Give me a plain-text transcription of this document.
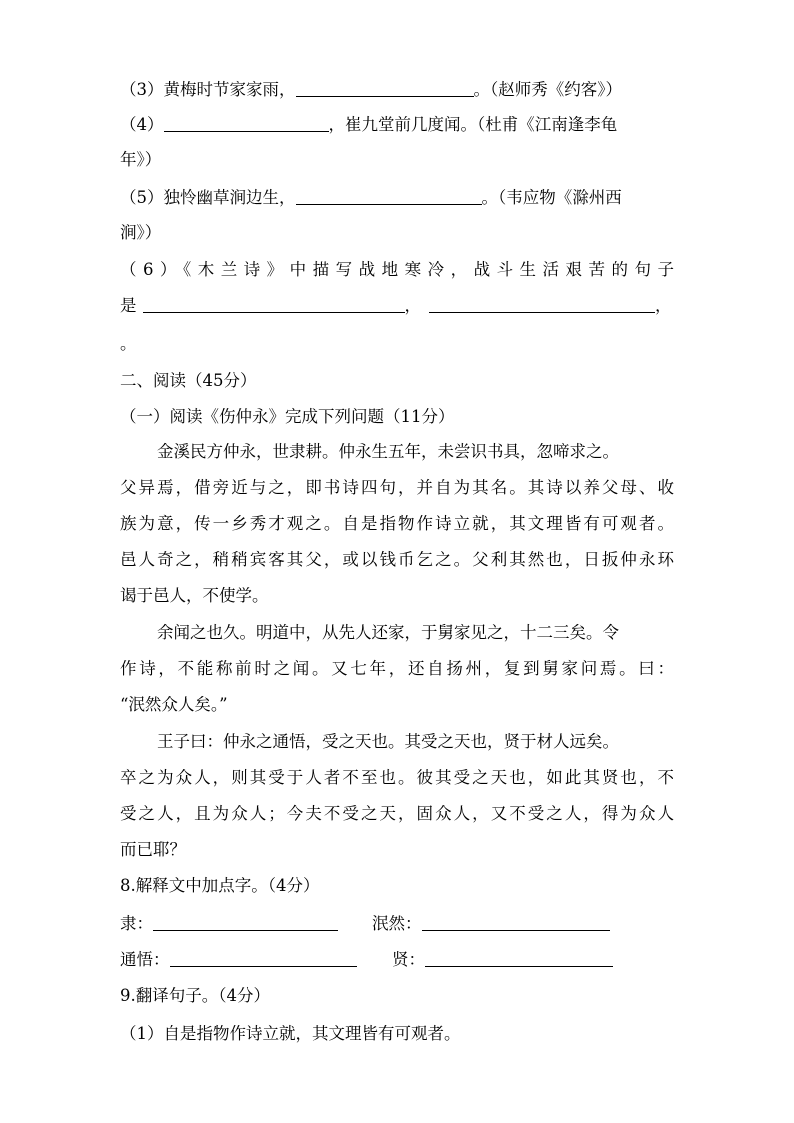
（3）黄梅时节家家雨，	。（赵师秀《约客》）
（4）	，崔九堂前几度闻。（杜甫《江南逢李龟
年》）
（5）独怜幽草涧边生，	。（韦应物《滁州西
涧》）
（6）《木兰诗》中描写战地寒冷，战斗生活艰苦的句子
是	，	，
。
二、阅读（45分）
（一）阅读《伤仲永》完成下列问题（11分）
金溪民方仲永，世隶耕。仲永生五年，未尝识书具，忽啼求之。
父异焉，借旁近与之，即书诗四句，并自为其名。其诗以养父母、收
族为意，传一乡秀才观之。自是指物作诗立就，其文理皆有可观者。
邑人奇之，稍稍宾客其父，或以钱币乞之。父利其然也，日扳仲永环
谒于邑人，不使学。
余闻之也久。明道中，从先人还家，于舅家见之，十二三矣。令
作诗，不能称前时之闻。又七年，还自扬州，复到舅家问焉。曰：
“泯然众人矣。”
王子曰：仲永之通悟，受之天也。其受之天也，贤于材人远矣。
卒之为众人，则其受于人者不至也。彼其受之天也，如此其贤也，不
受之人，且为众人；今夫不受之天，固众人，又不受之人，得为众人
而已耶？
8.解释文中加点字。（4分）
隶：	泯然：
通悟：	贤：
9.翻译句子。（4分）
（1）自是指物作诗立就，其文理皆有可观者。
